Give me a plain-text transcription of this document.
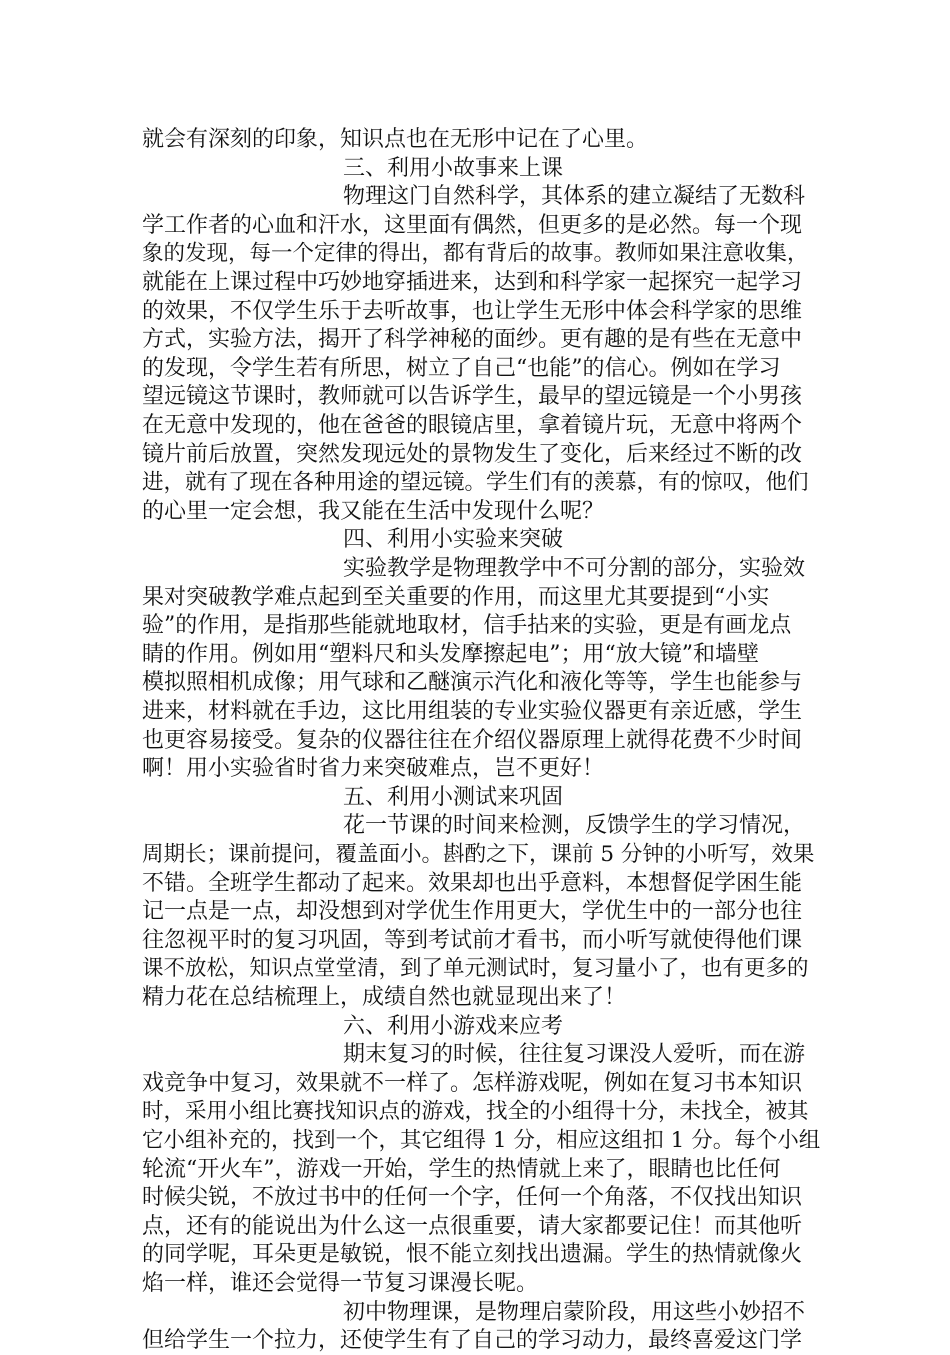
就会有深刻的印象，知识点也在无形中记在了心里。
三、利用小故事来上课
物理这门自然科学，其体系的建立凝结了无数科
学工作者的心血和汗水，这里面有偶然，但更多的是必然。每一个现
象的发现，每一个定律的得出，都有背后的故事。教师如果注意收集，
就能在上课过程中巧妙地穿插进来，达到和科学家一起探究一起学习
的效果，不仅学生乐于去听故事，也让学生无形中体会科学家的思维
方式，实验方法，揭开了科学神秘的面纱。更有趣的是有些在无意中
的发现，令学生若有所思，树立了自己“也能”的信心。例如在学习
望远镜这节课时，教师就可以告诉学生，最早的望远镜是一个小男孩
在无意中发现的，他在爸爸的眼镜店里，拿着镜片玩，无意中将两个
镜片前后放置，突然发现远处的景物发生了变化，后来经过不断的改
进，就有了现在各种用途的望远镜。学生们有的羡慕，有的惊叹，他们
的心里一定会想，我又能在生活中发现什么呢？
四、利用小实验来突破
实验教学是物理教学中不可分割的部分，实验效
果对突破教学难点起到至关重要的作用，而这里尤其要提到“小实
验”的作用，是指那些能就地取材，信手拈来的实验，更是有画龙点
睛的作用。例如用“塑料尺和头发摩擦起电”；用“放大镜”和墙壁
模拟照相机成像；用气球和乙醚演示汽化和液化等等，学生也能参与
进来，材料就在手边，这比用组装的专业实验仪器更有亲近感，学生
也更容易接受。复杂的仪器往往在介绍仪器原理上就得花费不少时间
啊！用小实验省时省力来突破难点，岂不更好！
五、利用小测试来巩固
花一节课的时间来检测，反馈学生的学习情况，
周期长；课前提问，覆盖面小。斟酌之下，课前 5 分钟的小听写，效果
不错。全班学生都动了起来。效果却也出乎意料，本想督促学困生能
记一点是一点，却没想到对学优生作用更大，学优生中的一部分也往
往忽视平时的复习巩固，等到考试前才看书，而小听写就使得他们课
课不放松，知识点堂堂清，到了单元测试时，复习量小了，也有更多的
精力花在总结梳理上，成绩自然也就显现出来了！
六、利用小游戏来应考
期末复习的时候，往往复习课没人爱听，而在游
戏竞争中复习，效果就不一样了。怎样游戏呢，例如在复习书本知识
时，采用小组比赛找知识点的游戏，找全的小组得十分，未找全，被其
它小组补充的，找到一个，其它组得 1 分，相应这组扣 1 分。每个小组
轮流“开火车”，游戏一开始，学生的热情就上来了，眼睛也比任何
时候尖锐，不放过书中的任何一个字，任何一个角落，不仅找出知识
点，还有的能说出为什么这一点很重要，请大家都要记住！而其他听
的同学呢，耳朵更是敏锐，恨不能立刻找出遗漏。学生的热情就像火
焰一样，谁还会觉得一节复习课漫长呢。
初中物理课，是物理启蒙阶段，用这些小妙招不
但给学生一个拉力，还使学生有了自己的学习动力，最终喜爱这门学
